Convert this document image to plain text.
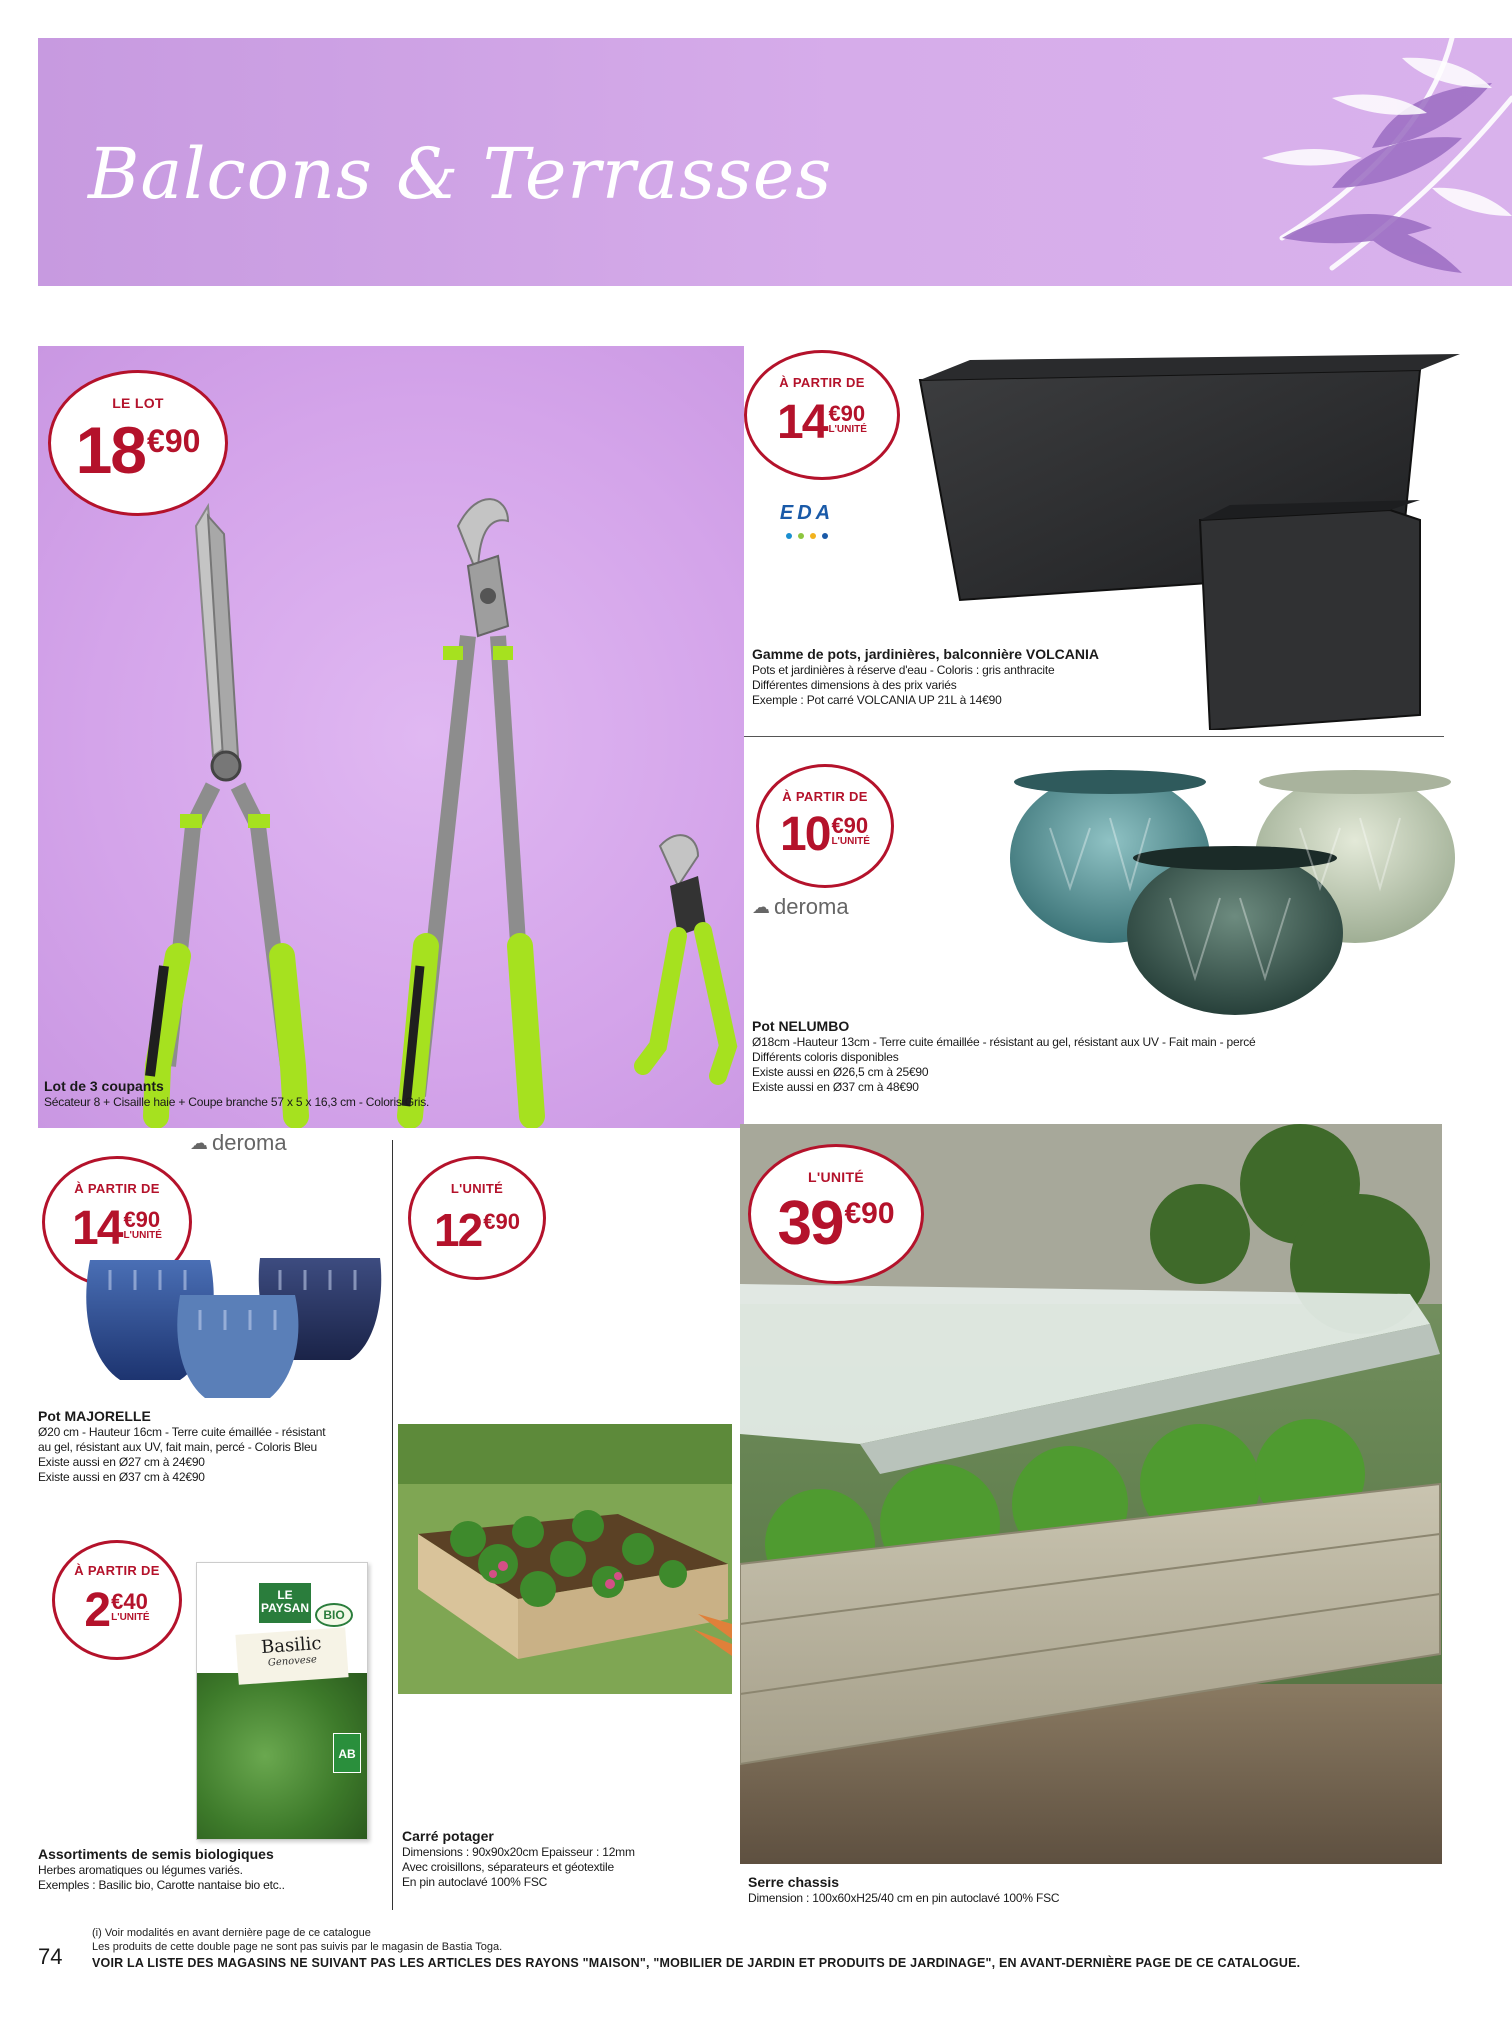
Balcons & Terrasses
LE LOT
18 €90
Lot de 3 coupants
Sécateur 8 + Cisaille haie + Coupe branche 57 x 5 x 16,3 cm - Coloris Gris.
À PARTIR DE
14 €90
L'UNITÉ
EDA
Gamme de pots, jardinières, balconnière VOLCANIA
Pots et jardinières à réserve d'eau - Coloris : gris anthracite
Différentes dimensions à des prix variés
Exemple : Pot carré VOLCANIA UP 21L à 14€90
À PARTIR DE
10 €90
L'UNITÉ
☁ deroma
Pot NELUMBO
Ø18cm -Hauteur 13cm - Terre cuite émaillée - résistant au gel, résistant aux UV - Fait main - percé
Différents coloris disponibles
Existe aussi en Ø26,5 cm à 25€90
Existe aussi en Ø37 cm à 48€90
☁ deroma
À PARTIR DE
14 €90
L'UNITÉ
Pot MAJORELLE
Ø20 cm - Hauteur 16cm - Terre cuite émaillée - résistant
au gel, résistant aux UV, fait main, percé - Coloris Bleu
Existe aussi en Ø27 cm à 24€90
Existe aussi en Ø37 cm à 42€90
À PARTIR DE
2 €40
L'UNITÉ
LE PAYSAN	BIO
Basilic
Genovese
AB
Assortiments de semis biologiques
Herbes aromatiques ou légumes variés.
Exemples : Basilic bio, Carotte nantaise bio etc..
L'UNITÉ
12 €90
Carré potager
Dimensions : 90x90x20cm Epaisseur : 12mm
Avec croisillons, séparateurs et géotextile
En pin autoclavé 100% FSC
L'UNITÉ
39 €90
Serre chassis
Dimension : 100x60xH25/40 cm en pin autoclavé 100% FSC
(i) Voir modalités en avant dernière page de ce catalogue
Les produits de cette double page ne sont pas suivis par le magasin de Bastia Toga.
74 VOIR LA LISTE DES MAGASINS NE SUIVANT PAS LES ARTICLES DES RAYONS "MAISON", "MOBILIER DE JARDIN ET PRODUITS DE JARDINAGE", EN AVANT-DERNIÈRE PAGE DE CE CATALOGUE.
